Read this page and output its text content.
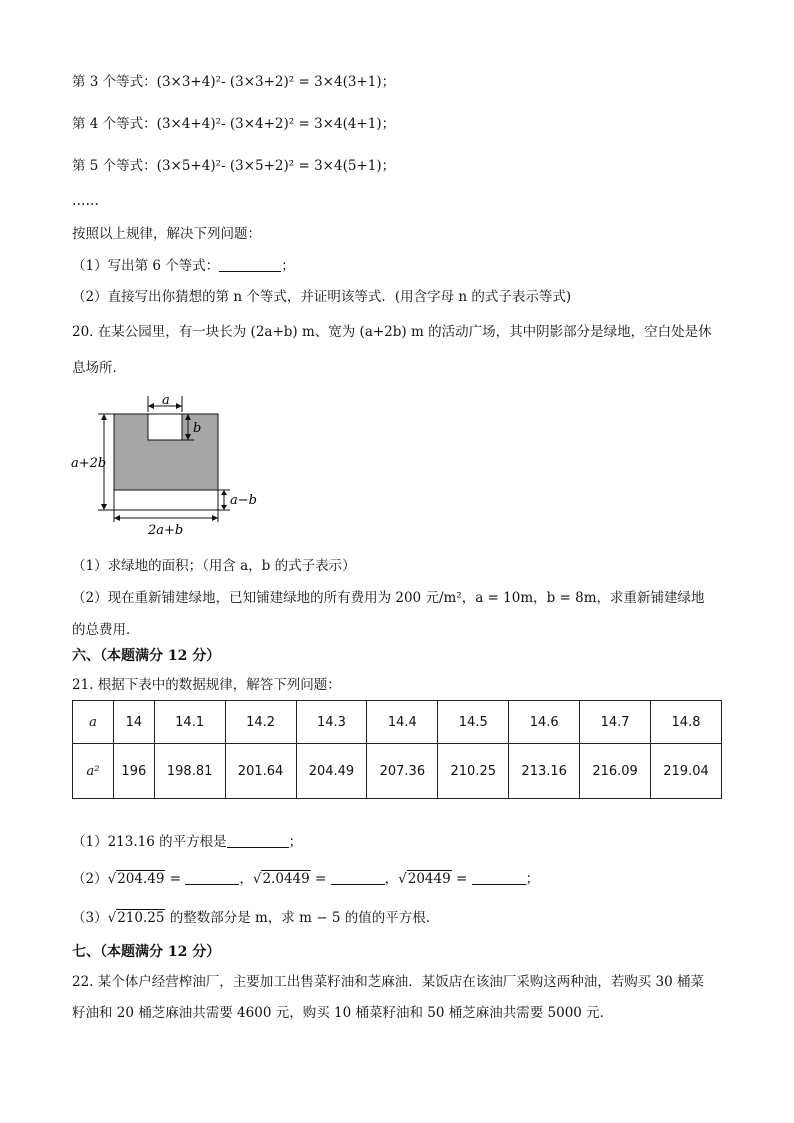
第 3 个等式：(3×3+4)²- (3×3+2)² = 3×4(3+1)；
第 4 个等式：(3×4+4)²- (3×4+2)² = 3×4(4+1)；
第 5 个等式：(3×5+4)²- (3×5+2)² = 3×4(5+1)；
……
按照以上规律，解决下列问题：
（1）写出第 6 个等式：	；
（2）直接写出你猜想的第 n 个等式，并证明该等式．(用含字母 n 的式子表示等式)
20. 在某公园里，有一块长为 (2a+b) m、宽为 (a+2b) m 的活动广场，其中阴影部分是绿地，空白处是休
息场所．
a
b
a+2b
a−b
2a+b
（1）求绿地的面积；（用含 a，b 的式子表示）
（2）现在重新铺建绿地，已知铺建绿地的所有费用为 200 元/m²，a = 10m，b = 8m，求重新铺建绿地
的总费用．
六、（本题满分 12 分）
21. 根据下表中的数据规律，解答下列问题：
a	14	14.1	14.2	14.3	14.4	14.5	14.6	14.7	14.8
a²	196	198.81	201.64	204.49	207.36	210.25	213.16	216.09	219.04
（1）213.16 的平方根是	；
（2）√204.49 =	，√2.0449 =	，√20449 =	；
（3）√210.25 的整数部分是 m，求 m − 5 的值的平方根．
七、（本题满分 12 分）
22. 某个体户经营榨油厂，主要加工出售菜籽油和芝麻油．某饭店在该油厂采购这两种油，若购买 30 桶菜
籽油和 20 桶芝麻油共需要 4600 元，购买 10 桶菜籽油和 50 桶芝麻油共需要 5000 元．
